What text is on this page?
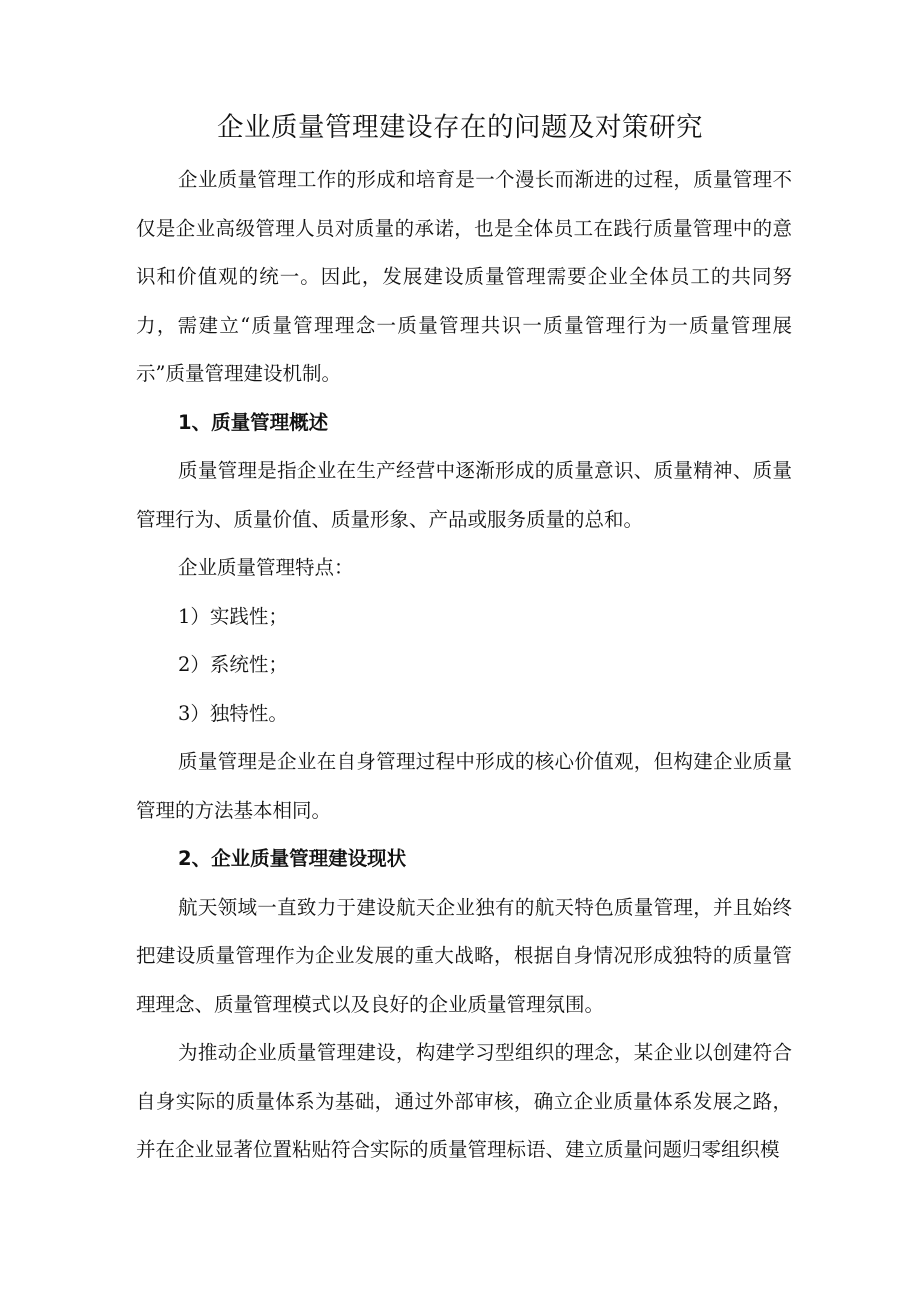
企业质量管理建设存在的问题及对策研究

企业质量管理工作的形成和培育是一个漫长而渐进的过程，质量管理不仅是企业高级管理人员对质量的承诺，也是全体员工在践行质量管理中的意识和价值观的统一。因此，发展建设质量管理需要企业全体员工的共同努力，需建立“质量管理理念一质量管理共识一质量管理行为一质量管理展示”质量管理建设机制。

1、质量管理概述

质量管理是指企业在生产经营中逐渐形成的质量意识、质量精神、质量管理行为、质量价值、质量形象、产品或服务质量的总和。

企业质量管理特点：

1）实践性；

2）系统性；

3）独特性。

质量管理是企业在自身管理过程中形成的核心价值观，但构建企业质量管理的方法基本相同。

2、企业质量管理建设现状

航天领域一直致力于建设航天企业独有的航天特色质量管理，并且始终把建设质量管理作为企业发展的重大战略，根据自身情况形成独特的质量管理理念、质量管理模式以及良好的企业质量管理氛围。

为推动企业质量管理建设，构建学习型组织的理念，某企业以创建符合自身实际的质量体系为基础，通过外部审核，确立企业质量体系发展之路，并在企业显著位置粘贴符合实际的质量管理标语、建立质量问题归零组织模
